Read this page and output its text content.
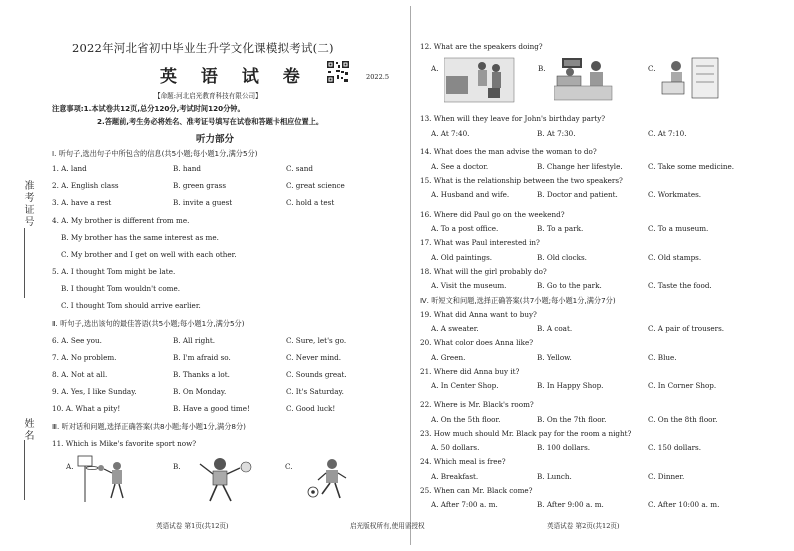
准考证号
姓名
2022年河北省初中毕业生升学文化课模拟考试(二)
英 语 试 卷	2022.5
【命题:河北启光教育科技有限公司】
注意事项:1.本试卷共12页,总分120分,考试时间120分钟。
2.答题前,考生务必将姓名、准考证号填写在试卷和答题卡相应位置上。
听力部分
Ⅰ. 听句子,选出句子中所包含的信息(共5小题;每小题1分,满分5分)
1. A. land	B. hand	C. sand
2. A. English class	B. green grass	C. great science
3. A. have a rest	B. invite a guest	C. hold a test
4. A. My brother is different from me.
B. My brother has the same interest as me.
C. My brother and I get on well with each other.
5. A. I thought Tom might be late.
B. I thought Tom wouldn't come.
C. I thought Tom should arrive earlier.
Ⅱ. 听句子,选出该句的最佳答语(共5小题;每小题1分,满分5分)
6. A. See you.	B. All right.	C. Sure, let's go.
7. A. No problem.	B. I'm afraid so.	C. Never mind.
8. A. Not at all.	B. Thanks a lot.	C. Sounds great.
9. A. Yes, I like Sunday.	B. On Monday.	C. It's Saturday.
10. A. What a pity!	B. Have a good time!	C. Good luck!
Ⅲ. 听对话和问题,选择正确答案(共8小题;每小题1分,满分8分)
11. Which is Mike's favorite sport now?
A.	B.	C.
12. What are the speakers doing?
A.	B.	C.
13. When will they leave for John's birthday party?
A. At 7:40.	B. At 7:30.	C. At 7:10.
14. What does the man advise the woman to do?
A. See a doctor.	B. Change her lifestyle.	C. Take some medicine.
15. What is the relationship between the two speakers?
A. Husband and wife.	B. Doctor and patient.	C. Workmates.
16. Where did Paul go on the weekend?
A. To a post office.	B. To a park.	C. To a museum.
17. What was Paul interested in?
A. Old paintings.	B. Old clocks.	C. Old stamps.
18. What will the girl probably do?
A. Visit the museum.	B. Go to the park.	C. Taste the food.
Ⅳ. 听短文和问题,选择正确答案(共7小题;每小题1分,满分7分)
19. What did Anna want to buy?
A. A sweater.	B. A coat.	C. A pair of trousers.
20. What color does Anna like?
A. Green.	B. Yellow.	C. Blue.
21. Where did Anna buy it?
A. In Center Shop.	B. In Happy Shop.	C. In Corner Shop.
22. Where is Mr. Black's room?
A. On the 5th floor.	B. On the 7th floor.	C. On the 8th floor.
23. How much should Mr. Black pay for the room a night?
A. 50 dollars.	B. 100 dollars.	C. 150 dollars.
24. Which meal is free?
A. Breakfast.	B. Lunch.	C. Dinner.
25. When can Mr. Black come?
A. After 7:00 a. m.	B. After 9:00 a. m.	C. After 10:00 a. m.
英语试卷 第1页(共12页)	启光版权所有,使用需授权	英语试卷 第2页(共12页)
